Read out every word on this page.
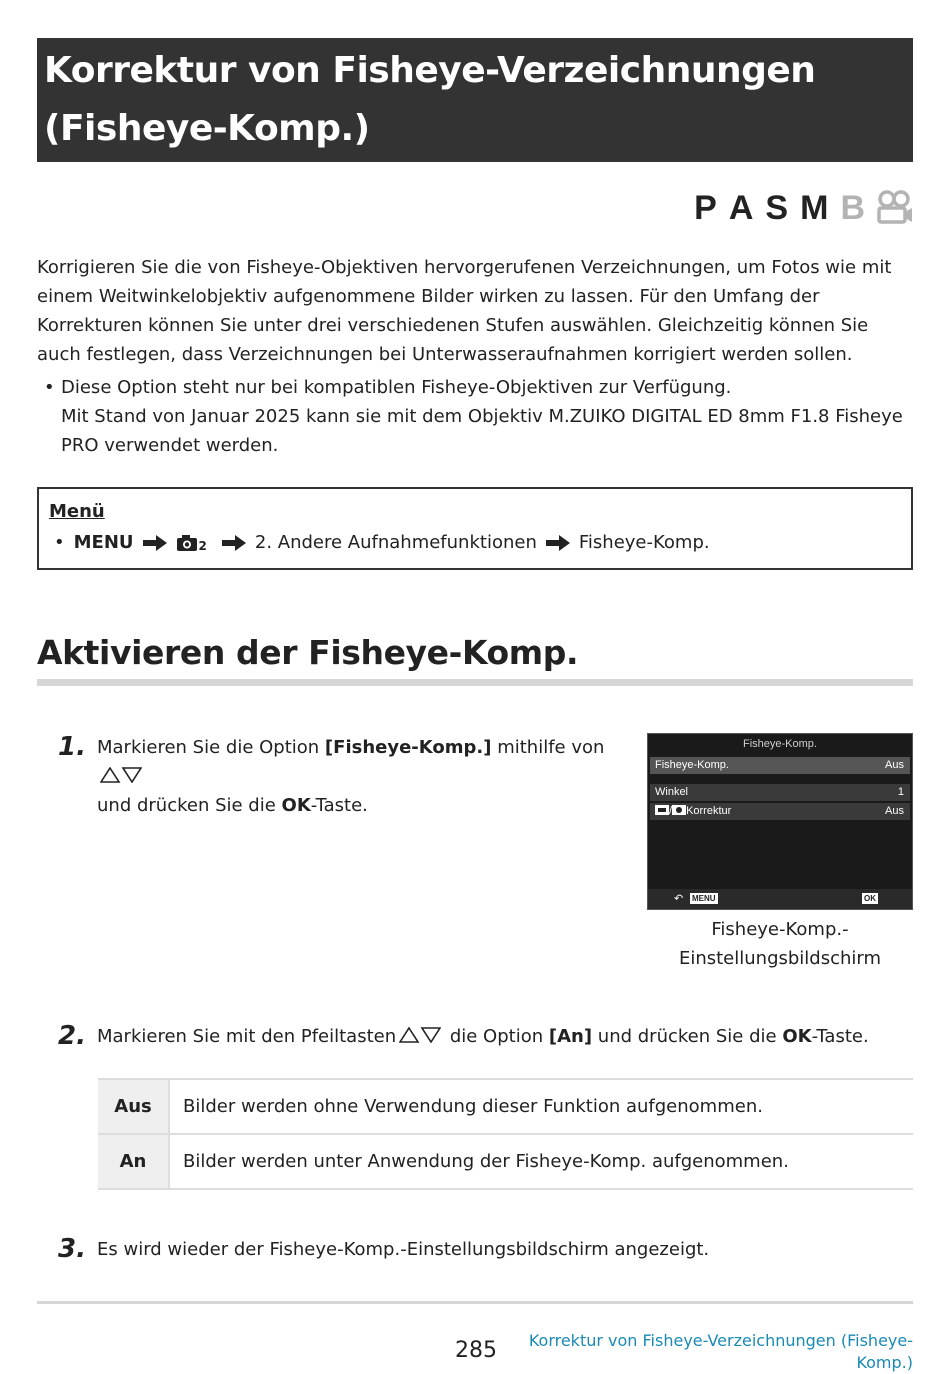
Korrektur von Fisheye-Verzeichnungen
(Fisheye-Komp.)
P A S M B

Korrigieren Sie die von Fisheye-Objektiven hervorgerufenen Verzeichnungen, um Fotos wie mit einem Weitwinkelobjektiv aufgenommene Bilder wirken zu lassen. Für den Umfang der Korrekturen können Sie unter drei verschiedenen Stufen auswählen. Gleichzeitig können Sie auch festlegen, dass Verzeichnungen bei Unterwasseraufnahmen korrigiert werden sollen.

• Diese Option steht nur bei kompatiblen Fisheye-Objektiven zur Verfügung.
Mit Stand von Januar 2025 kann sie mit dem Objektiv M.ZUIKO DIGITAL ED 8mm F1.8 Fisheye PRO verwendet werden.
Menü
• MENU	2	2. Andere Aufnahmefunktionen Fisheye-Komp.
Aktivieren der Fisheye-Komp.
1. Markieren Sie die Option [Fisheye-Komp.] mithilfe von
und drücken Sie die OK-Taste.
Fisheye-Komp.
Fisheye-Komp.	Aus
Winkel	1
/ Korrektur	Aus
↶ MENU	OK
Fisheye-Komp.-
Einstellungsbildschirm
2. Markieren Sie mit den Pfeiltasten	die Option [An] und drücken Sie die OK-Taste.
Aus	Bilder werden ohne Verwendung dieser Funktion aufgenommen.
An	Bilder werden unter Anwendung der Fisheye-Komp. aufgenommen.
3. Es wird wieder der Fisheye-Komp.-Einstellungsbildschirm angezeigt.
285	Korrektur von Fisheye-Verzeichnungen (Fisheye-Komp.)
